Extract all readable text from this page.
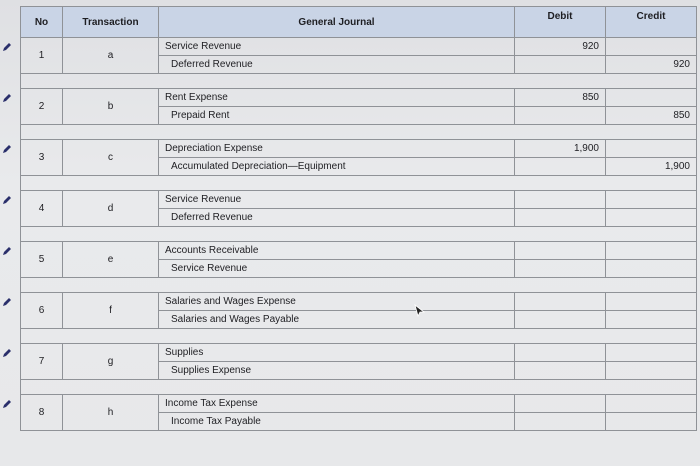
No	Transaction	General Journal	Debit	Credit
1	a	Service Revenue	920	
		Deferred Revenue		920

2	b	Rent Expense	850	
		Prepaid Rent		850

3	c	Depreciation Expense	1,900	
		Accumulated Depreciation—Equipment		1,900

4	d	Service Revenue		
		Deferred Revenue		

5	e	Accounts Receivable		
		Service Revenue		

6	f	Salaries and Wages Expense		
		Salaries and Wages Payable		

7	g	Supplies		
		Supplies Expense		

8	h	Income Tax Expense		
		Income Tax Payable		
